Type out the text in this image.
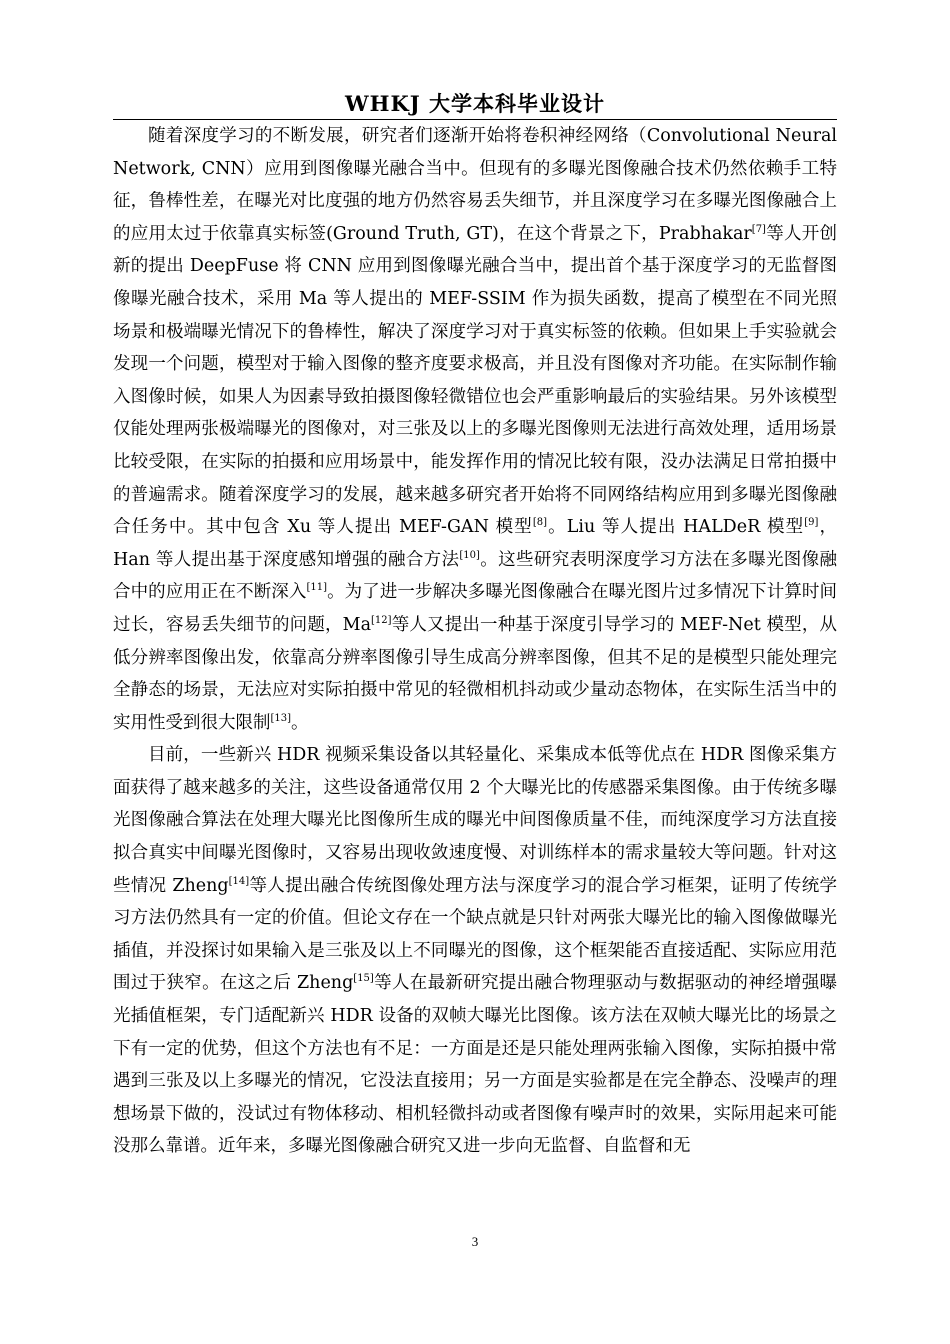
WHKJ 大学本科毕业设计

随着深度学习的不断发展，研究者们逐渐开始将卷积神经网络（Convolutional Neural Network, CNN）应用到图像曝光融合当中。但现有的多曝光图像融合技术仍然依赖手工特征，鲁棒性差，在曝光对比度强的地方仍然容易丢失细节，并且深度学习在多曝光图像融合上的应用太过于依靠真实标签(Ground Truth, GT)，在这个背景之下，Prabhakar[7]等人开创新的提出 DeepFuse 将 CNN 应用到图像曝光融合当中，提出首个基于深度学习的无监督图像曝光融合技术，采用 Ma 等人提出的 MEF-SSIM 作为损失函数，提高了模型在不同光照场景和极端曝光情况下的鲁棒性，解决了深度学习对于真实标签的依赖。但如果上手实验就会发现一个问题，模型对于输入图像的整齐度要求极高，并且没有图像对齐功能。在实际制作输入图像时候，如果人为因素导致拍摄图像轻微错位也会严重影响最后的实验结果。另外该模型仅能处理两张极端曝光的图像对，对三张及以上的多曝光图像则无法进行高效处理，适用场景比较受限，在实际的拍摄和应用场景中，能发挥作用的情况比较有限，没办法满足日常拍摄中的普遍需求。随着深度学习的发展，越来越多研究者开始将不同网络结构应用到多曝光图像融合任务中。其中包含 Xu 等人提出 MEF-GAN 模型[8]。Liu 等人提出 HALDeR 模型[9]，Han 等人提出基于深度感知增强的融合方法[10]。这些研究表明深度学习方法在多曝光图像融合中的应用正在不断深入[11]。为了进一步解决多曝光图像融合在曝光图片过多情况下计算时间过长，容易丢失细节的问题，Ma[12]等人又提出一种基于深度引导学习的 MEF-Net 模型，从低分辨率图像出发，依靠高分辨率图像引导生成高分辨率图像，但其不足的是模型只能处理完全静态的场景，无法应对实际拍摄中常见的轻微相机抖动或少量动态物体，在实际生活当中的实用性受到很大限制[13]。

目前，一些新兴 HDR 视频采集设备以其轻量化、采集成本低等优点在 HDR 图像采集方面获得了越来越多的关注，这些设备通常仅用 2 个大曝光比的传感器采集图像。由于传统多曝光图像融合算法在处理大曝光比图像所生成的曝光中间图像质量不佳，而纯深度学习方法直接拟合真实中间曝光图像时，又容易出现收敛速度慢、对训练样本的需求量较大等问题。针对这些情况 Zheng[14]等人提出融合传统图像处理方法与深度学习的混合学习框架，证明了传统学习方法仍然具有一定的价值。但论文存在一个缺点就是只针对两张大曝光比的输入图像做曝光插值，并没探讨如果输入是三张及以上不同曝光的图像，这个框架能否直接适配、实际应用范围过于狭窄。在这之后 Zheng[15]等人在最新研究提出融合物理驱动与数据驱动的神经增强曝光插值框架，专门适配新兴 HDR 设备的双帧大曝光比图像。该方法在双帧大曝光比的场景之下有一定的优势，但这个方法也有不足：一方面是还是只能处理两张输入图像，实际拍摄中常遇到三张及以上多曝光的情况，它没法直接用；另一方面是实验都是在完全静态、没噪声的理想场景下做的，没试过有物体移动、相机轻微抖动或者图像有噪声时的效果，实际用起来可能没那么靠谱。近年来，多曝光图像融合研究又进一步向无监督、自监督和无

3
